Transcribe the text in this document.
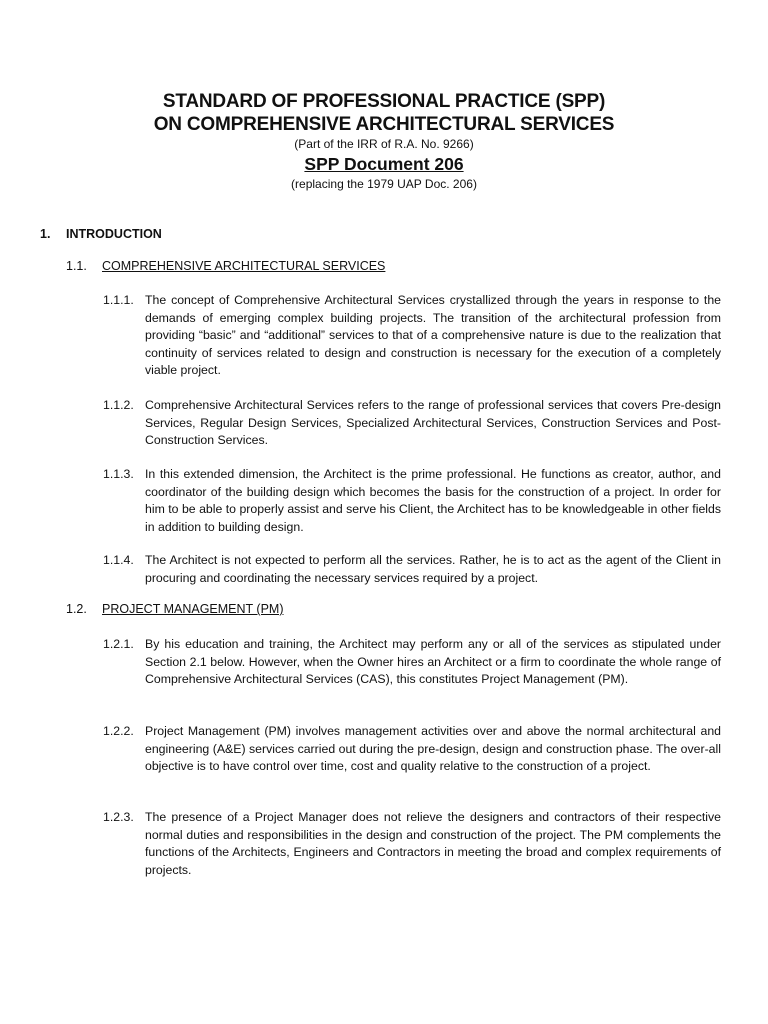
STANDARD OF PROFESSIONAL PRACTICE (SPP)
ON COMPREHENSIVE ARCHITECTURAL SERVICES
(Part of the IRR of R.A. No. 9266)
SPP Document 206
(replacing the 1979 UAP Doc. 206)
1. INTRODUCTION
1.1. COMPREHENSIVE ARCHITECTURAL SERVICES
1.1.1. The concept of Comprehensive Architectural Services crystallized through the years in response to the demands of emerging complex building projects. The transition of the architectural profession from providing “basic” and “additional” services to that of a comprehensive nature is due to the realization that continuity of services related to design and construction is necessary for the execution of a completely viable project.
1.1.2. Comprehensive Architectural Services refers to the range of professional services that covers Pre-design Services, Regular Design Services, Specialized Architectural Services, Construction Services and Post-Construction Services.
1.1.3. In this extended dimension, the Architect is the prime professional. He functions as creator, author, and coordinator of the building design which becomes the basis for the construction of a project. In order for him to be able to properly assist and serve his Client, the Architect has to be knowledgeable in other fields in addition to building design.
1.1.4. The Architect is not expected to perform all the services. Rather, he is to act as the agent of the Client in procuring and coordinating the necessary services required by a project.
1.2. PROJECT MANAGEMENT (PM)
1.2.1. By his education and training, the Architect may perform any or all of the services as stipulated under Section 2.1 below. However, when the Owner hires an Architect or a firm to coordinate the whole range of Comprehensive Architectural Services (CAS), this constitutes Project Management (PM).
1.2.2. Project Management (PM) involves management activities over and above the normal architectural and engineering (A&E) services carried out during the pre-design, design and construction phase. The over-all objective is to have control over time, cost and quality relative to the construction of a project.
1.2.3. The presence of a Project Manager does not relieve the designers and contractors of their respective normal duties and responsibilities in the design and construction of the project. The PM complements the functions of the Architects, Engineers and Contractors in meeting the broad and complex requirements of projects.
